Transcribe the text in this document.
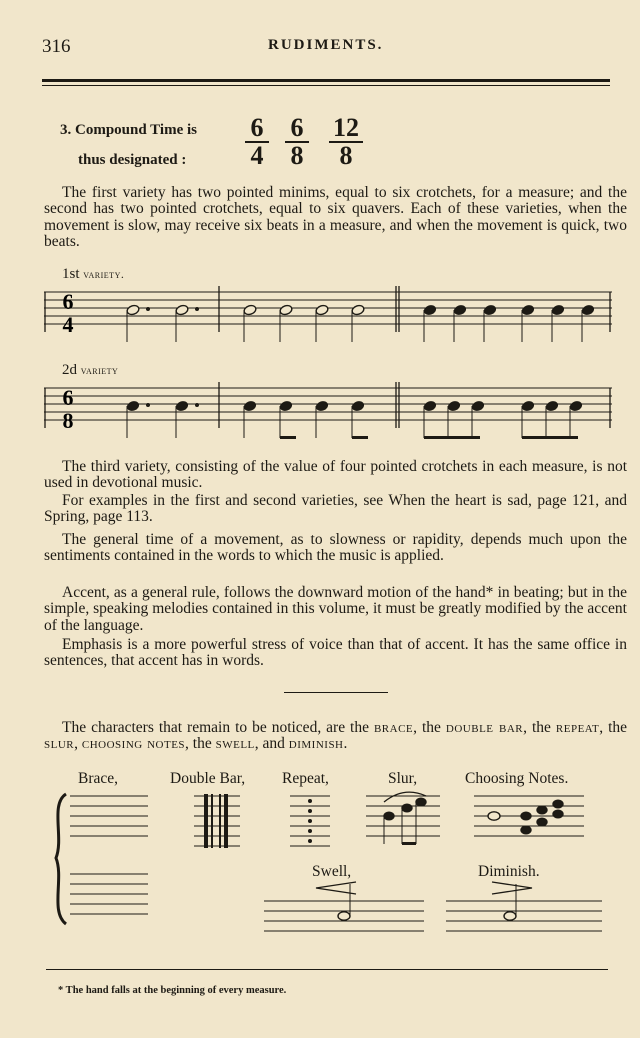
316	RUDIMENTS.
3. Compound Time is
thus designated :
6
4
6
8
12
8

The first variety has two pointed minims, equal to six crotchets, for a measure; and the second has two pointed crotchets, equal to six quavers. Each of these varieties, when the movement is slow, may receive six beats in a measure, and when the movement is quick, two beats.

1st variety.
6
4
2d variety
6
8

The third variety, consisting of the value of four pointed crotchets in each measure, is not used in devotional music.

For examples in the first and second varieties, see When the heart is sad, page 121, and Spring, page 113.

The general time of a movement, as to slowness or rapidity, depends much upon the sentiments contained in the words to which the music is applied.

Accent, as a general rule, follows the downward motion of the hand* in beating; but in the simple, speaking melodies contained in this volume, it must be greatly modified by the accent of the language.

Emphasis is a more powerful stress of voice than that of accent. It has the same office in sentences, that accent has in words.

The characters that remain to be noticed, are the brace, the double bar, the repeat, the slur, choosing notes, the swell, and diminish.

Brace,	Double Bar, Repeat,	Slur,	Choosing Notes.
Swell,	Diminish.
* The hand falls at the beginning of every measure.
